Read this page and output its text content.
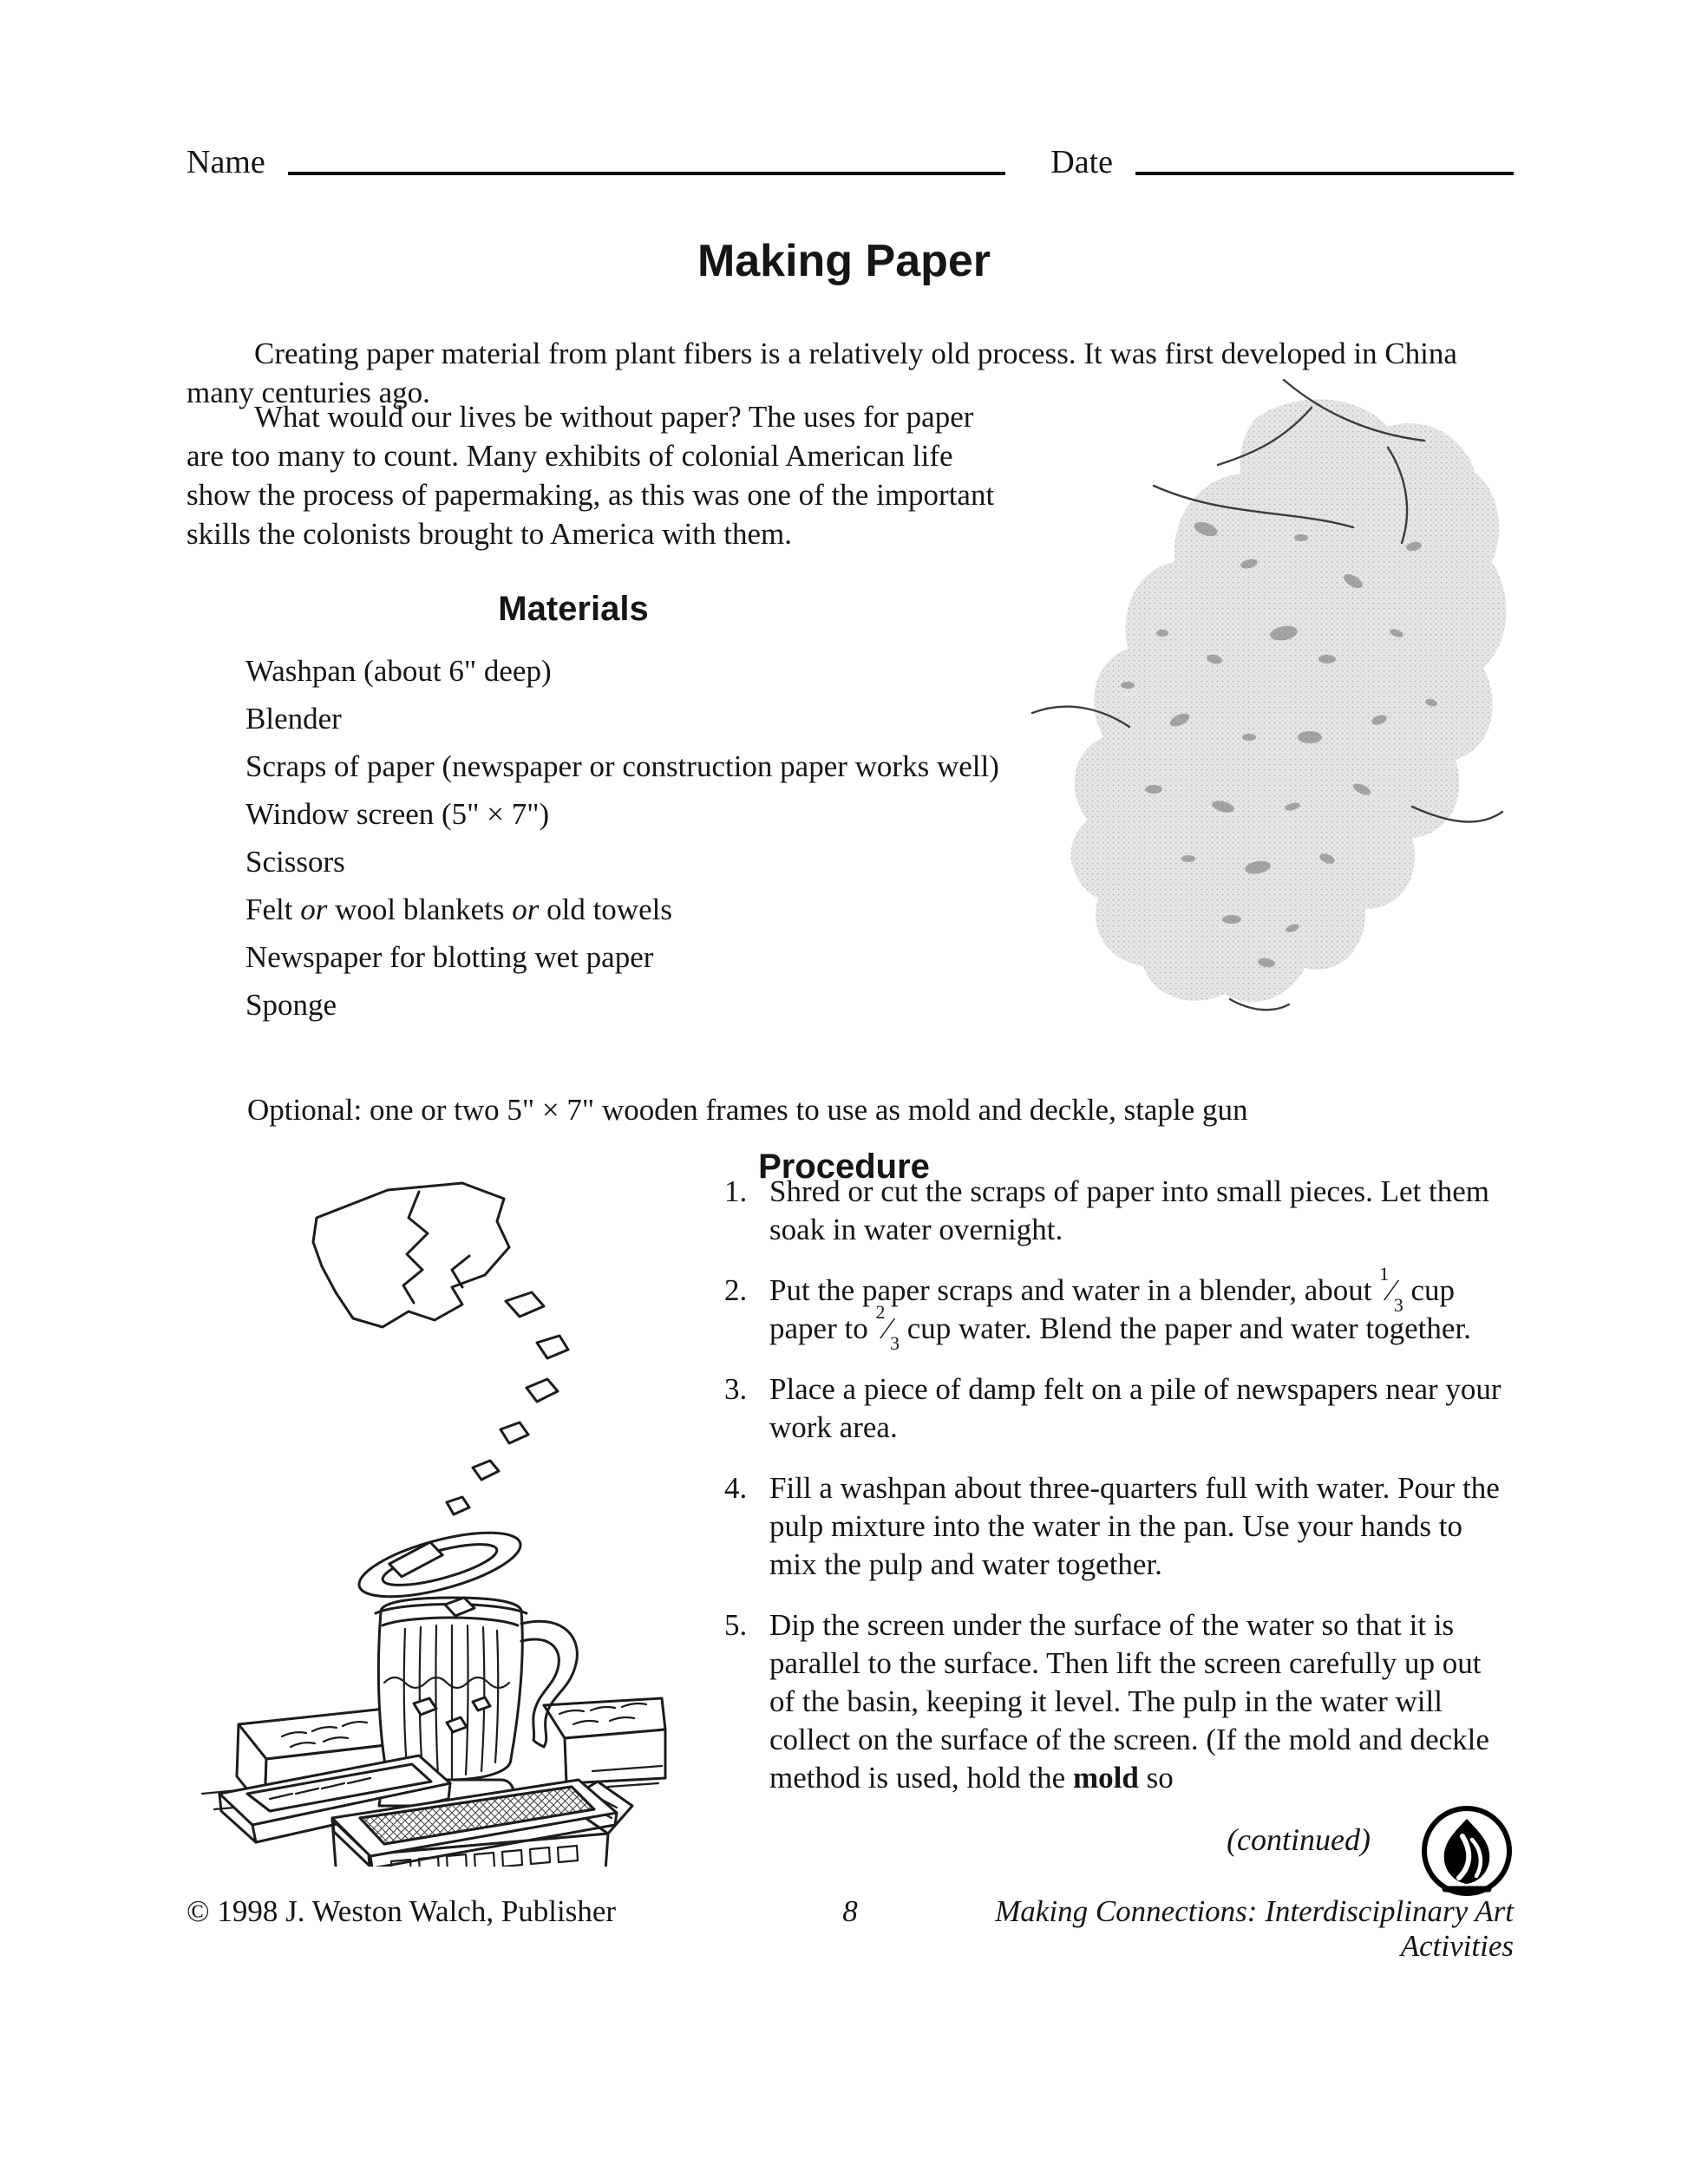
Name	Date
Making Paper

Creating paper material from plant fibers is a relatively old process. It was first developed in China many centuries ago.

What would our lives be without paper? The uses for paper are too many to count. Many exhibits of colonial American life show the process of papermaking, as this was one of the important skills the colonists brought to America with them.

Materials
Washpan (about 6" deep)
Blender
Scraps of paper (newspaper or construction paper works well)
Window screen (5" × 7")
Scissors
Felt or wool blankets or old towels
Newspaper for blotting wet paper
Sponge

Optional: one or two 5" × 7" wooden frames to use as mold and deckle, staple gun

Procedure
1. Shred or cut the scraps of paper into small pieces. Let them soak in water overnight.
2. Put the paper scraps and water in a blender, about $^1⁄_3$ cup paper to $^2⁄_3$ cup water. Blend the paper and water together.
3. Place a piece of damp felt on a pile of newspapers near your work area.
4. Fill a washpan about three-quarters full with water. Pour the pulp mixture into the water in the pan. Use your hands to mix the pulp and water together.
5. Dip the screen under the surface of the water so that it is parallel to the surface. Then lift the screen carefully up out of the basin, keeping it level. The pulp in the water will collect on the surface of the screen. (If the mold and deckle method is used, hold the mold so
(continued)
© 1998 J. Weston Walch, Publisher	8	Making Connections: Interdisciplinary Art Activities
